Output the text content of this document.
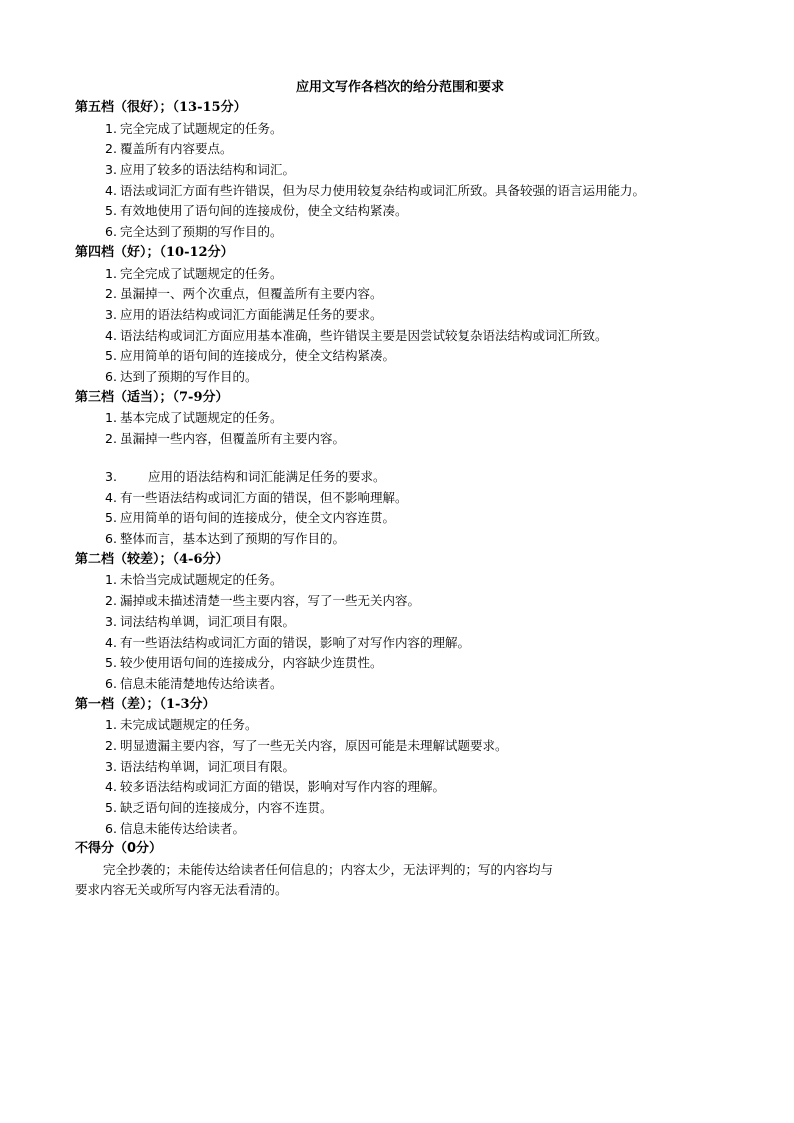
应用文写作各档次的给分范围和要求
第五档（很好）；（13-15分）
1. 完全完成了试题规定的任务。
2. 覆盖所有内容要点。
3. 应用了较多的语法结构和词汇。
4. 语法或词汇方面有些许错误，但为尽力使用较复杂结构或词汇所致。具备较强的语言运用能力。
5. 有效地使用了语句间的连接成份，使全文结构紧凑。
6. 完全达到了预期的写作目的。
第四档（好）；（10-12分）
1. 完全完成了试题规定的任务。
2. 虽漏掉一、两个次重点，但覆盖所有主要内容。
3. 应用的语法结构或词汇方面能满足任务的要求。
4. 语法结构或词汇方面应用基本准确，些许错误主要是因尝试较复杂语法结构或词汇所致。
5. 应用简单的语句间的连接成分，使全文结构紧凑。
6. 达到了预期的写作目的。
第三档（适当）；（7-9分）
1. 基本完成了试题规定的任务。
2. 虽漏掉一些内容，但覆盖所有主要内容。
3. 应用的语法结构和词汇能满足任务的要求。
4. 有一些语法结构或词汇方面的错误，但不影响理解。
5. 应用简单的语句间的连接成分，使全文内容连贯。
6. 整体而言，基本达到了预期的写作目的。
第二档（较差）；（4-6分）
1. 未恰当完成试题规定的任务。
2. 漏掉或未描述清楚一些主要内容，写了一些无关内容。
3. 词法结构单调，词汇项目有限。
4. 有一些语法结构或词汇方面的错误，影响了对写作内容的理解。
5. 较少使用语句间的连接成分，内容缺少连贯性。
6. 信息未能清楚地传达给读者。
第一档（差）；（1-3分）
1. 未完成试题规定的任务。
2. 明显遗漏主要内容，写了一些无关内容，原因可能是未理解试题要求。
3. 语法结构单调，词汇项目有限。
4. 较多语法结构或词汇方面的错误，影响对写作内容的理解。
5. 缺乏语句间的连接成分，内容不连贯。
6. 信息未能传达给读者。
不得分（0分）
完全抄袭的；未能传达给读者任何信息的；内容太少，无法评判的；写的内容均与
要求内容无关或所写内容无法看清的。
